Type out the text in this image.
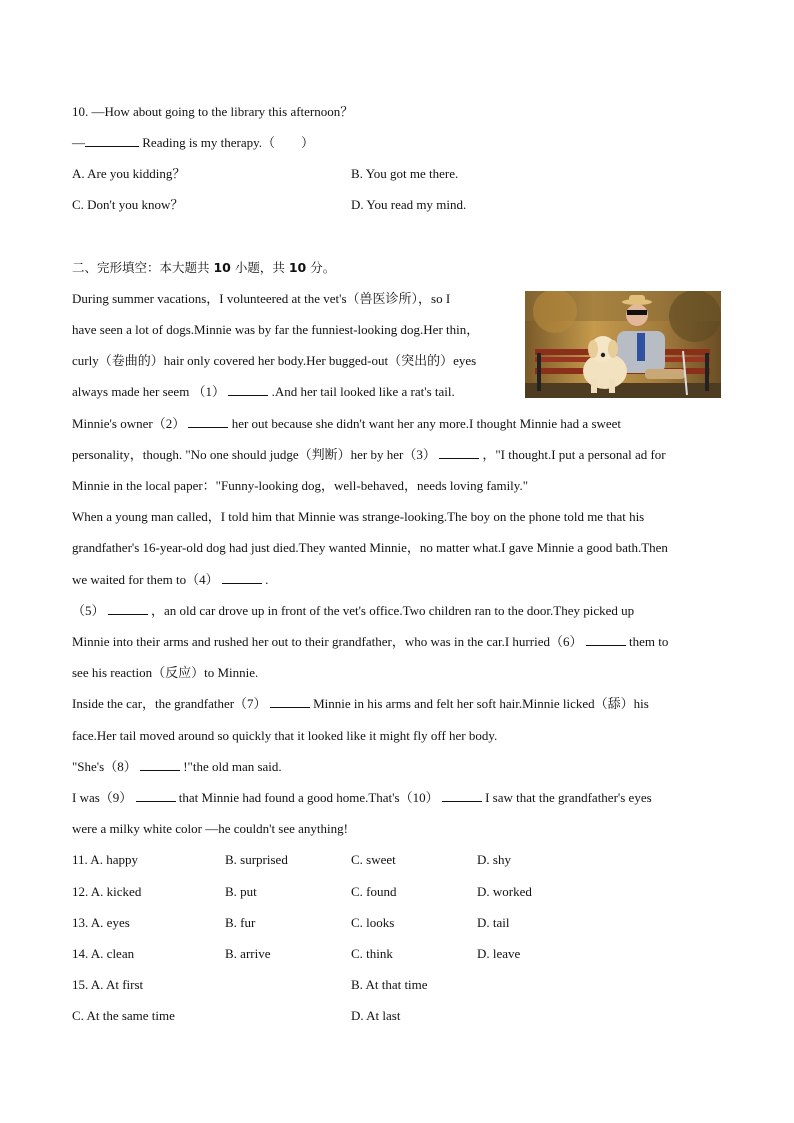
10. —How about going to the library this afternoon？
—	Reading is my therapy.（　　）
A. Are you kidding？	B. You got me there.
C. Don't you know？	D. You read my mind.
二、完形填空：本大题共 10 小题，共 10 分。
During summer vacations，I volunteered at the vet's（兽医诊所），so I
have seen a lot of dogs.Minnie was by far the funniest-looking dog.Her thin，
curly（卷曲的）hair only covered her body.Her bugged-out（突出的）eyes
always made her seem （1）	.And her tail looked like a rat's tail.
Minnie's owner（2）	her out because she didn't want her any more.I thought Minnie had a sweet
personality，though. "No one should judge（判断）her by her（3）	，"I thought.I put a personal ad for
Minnie in the local paper："Funny-looking dog，well-behaved，needs loving family."
When a young man called，I told him that Minnie was strange-looking.The boy on the phone told me that his
grandfather's 16-year-old dog had just died.They wanted Minnie，no matter what.I gave Minnie a good bath.Then
we waited for them to（4）	.
（5）	，an old car drove up in front of the vet's office.Two children ran to the door.They picked up
Minnie into their arms and rushed her out to their grandfather，who was in the car.I hurried（6）	them to
see his reaction（反应）to Minnie.
Inside the car，the grandfather（7）	Minnie in his arms and felt her soft hair.Minnie licked（舔）his
face.Her tail moved around so quickly that it looked like it might fly off her body.
"She's（8）	!"the old man said.
I was（9）	that Minnie had found a good home.That's（10）	I saw that the grandfather's eyes
were a milky white color —he couldn't see anything!
11. A. happy	B. surprised	C. sweet	D. shy
12. A. kicked	B. put	C. found	D. worked
13. A. eyes	B. fur	C. looks	D. tail
14. A. clean	B. arrive	C. think	D. leave
15. A. At first	B. At that time
C. At the same time	D. At last
